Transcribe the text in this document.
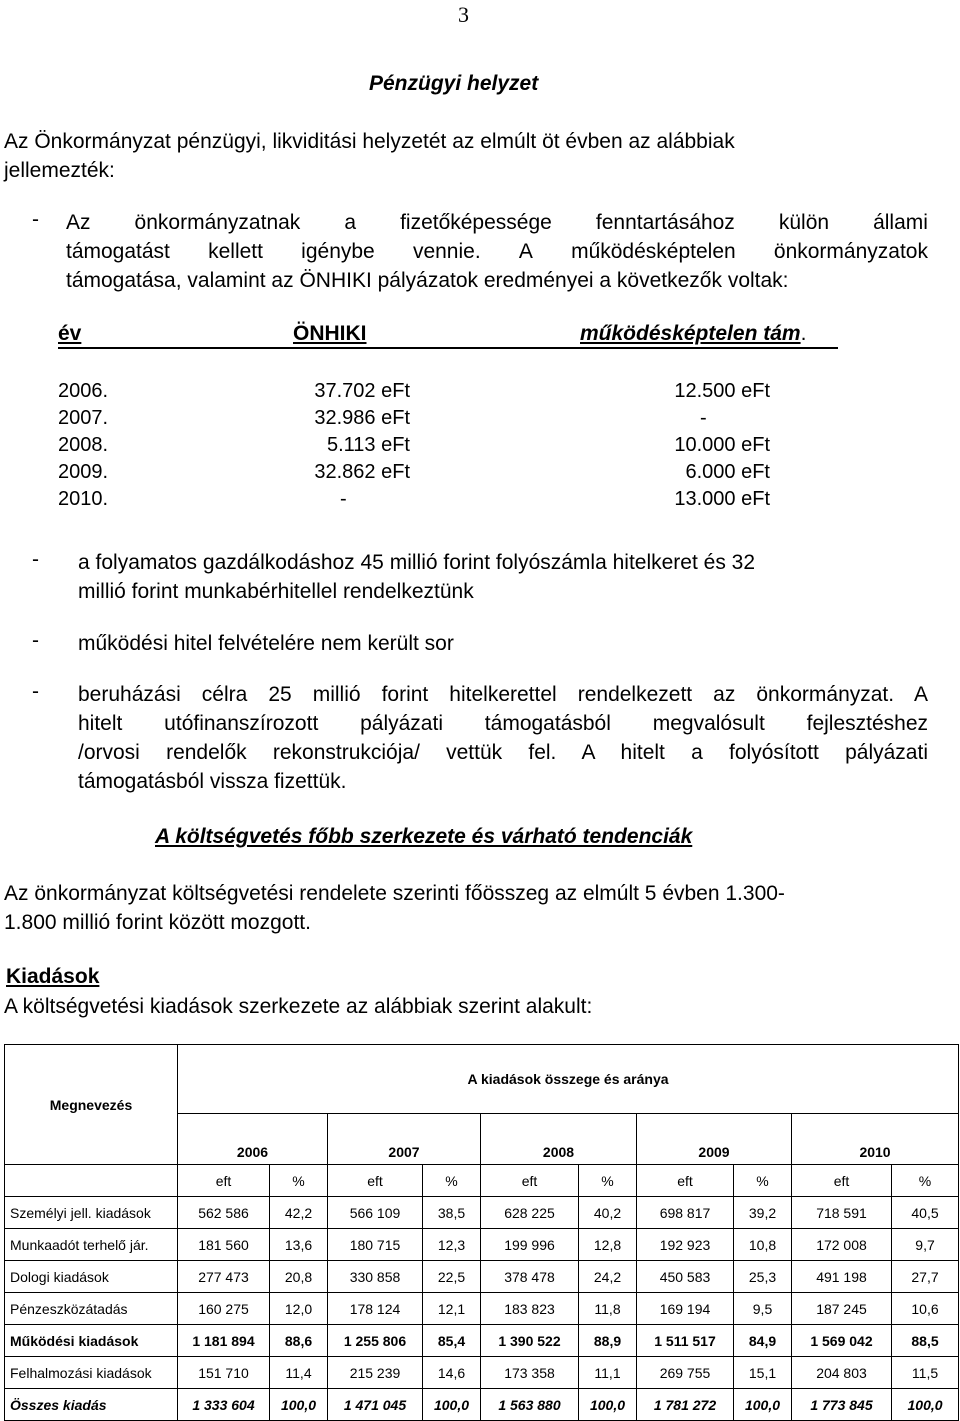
3
Pénzügyi helyzet
Az Önkormányzat pénzügyi, likviditási helyzetét az elmúlt öt évben az alábbiak
jellemezték:
- Az önkormányzatnak a fizetőképessége fenntartásához külön állami
támogatást kellett igénybe vennie. A működésképtelen önkormányzatok
támogatása, valamint az ÖNHIKI pályázatok eredményei a következők voltak:
év	ÖNHIKI	működésképtelen tám.
2006.	37.702 eFt	12.500 eFt
2007.	32.986 eFt	-
2008.	5.113 eFt	10.000 eFt
2009.	32.862 eFt	6.000 eFt
2010.	-	13.000 eFt
- a folyamatos gazdálkodáshoz 45 millió forint folyószámla hitelkeret és 32
millió forint munkabérhitellel rendelkeztünk
- működési hitel felvételére nem került sor
- beruházási célra 25 millió forint hitelkerettel rendelkezett az önkormányzat. A
hitelt utófinanszírozott pályázati támogatásból megvalósult fejlesztéshez
/orvosi rendelők rekonstrukciója/ vettük fel. A hitelt a folyósított pályázati
támogatásból vissza fizettük.
A költségvetés főbb szerkezete és várható tendenciák
Az önkormányzat költségvetési rendelete szerinti főösszeg az elmúlt 5 évben 1.300-
1.800 millió forint között mozgott.
Kiadások
A költségvetési kiadások szerkezete az alábbiak szerint alakult:
Megnevezés	A kiadások összege és aránya									
	2006		2007		2008		2009		2010	
	eft	%	eft	%	eft	%	eft	%	eft	%
Személyi jell. kiadások	562 586	42,2	566 109	38,5	628 225	40,2	698 817	39,2	718 591	40,5
Munkaadót terhelő jár.	181 560	13,6	180 715	12,3	199 996	12,8	192 923	10,8	172 008	9,7
Dologi kiadások	277 473	20,8	330 858	22,5	378 478	24,2	450 583	25,3	491 198	27,7
Pénzeszközátadás	160 275	12,0	178 124	12,1	183 823	11,8	169 194	9,5	187 245	10,6
Működési kiadások	1 181 894	88,6	1 255 806	85,4	1 390 522	88,9	1 511 517	84,9	1 569 042	88,5
Felhalmozási kiadások	151 710	11,4	215 239	14,6	173 358	11,1	269 755	15,1	204 803	11,5
Összes kiadás	1 333 604	100,0	1 471 045	100,0	1 563 880	100,0	1 781 272	100,0	1 773 845	100,0
